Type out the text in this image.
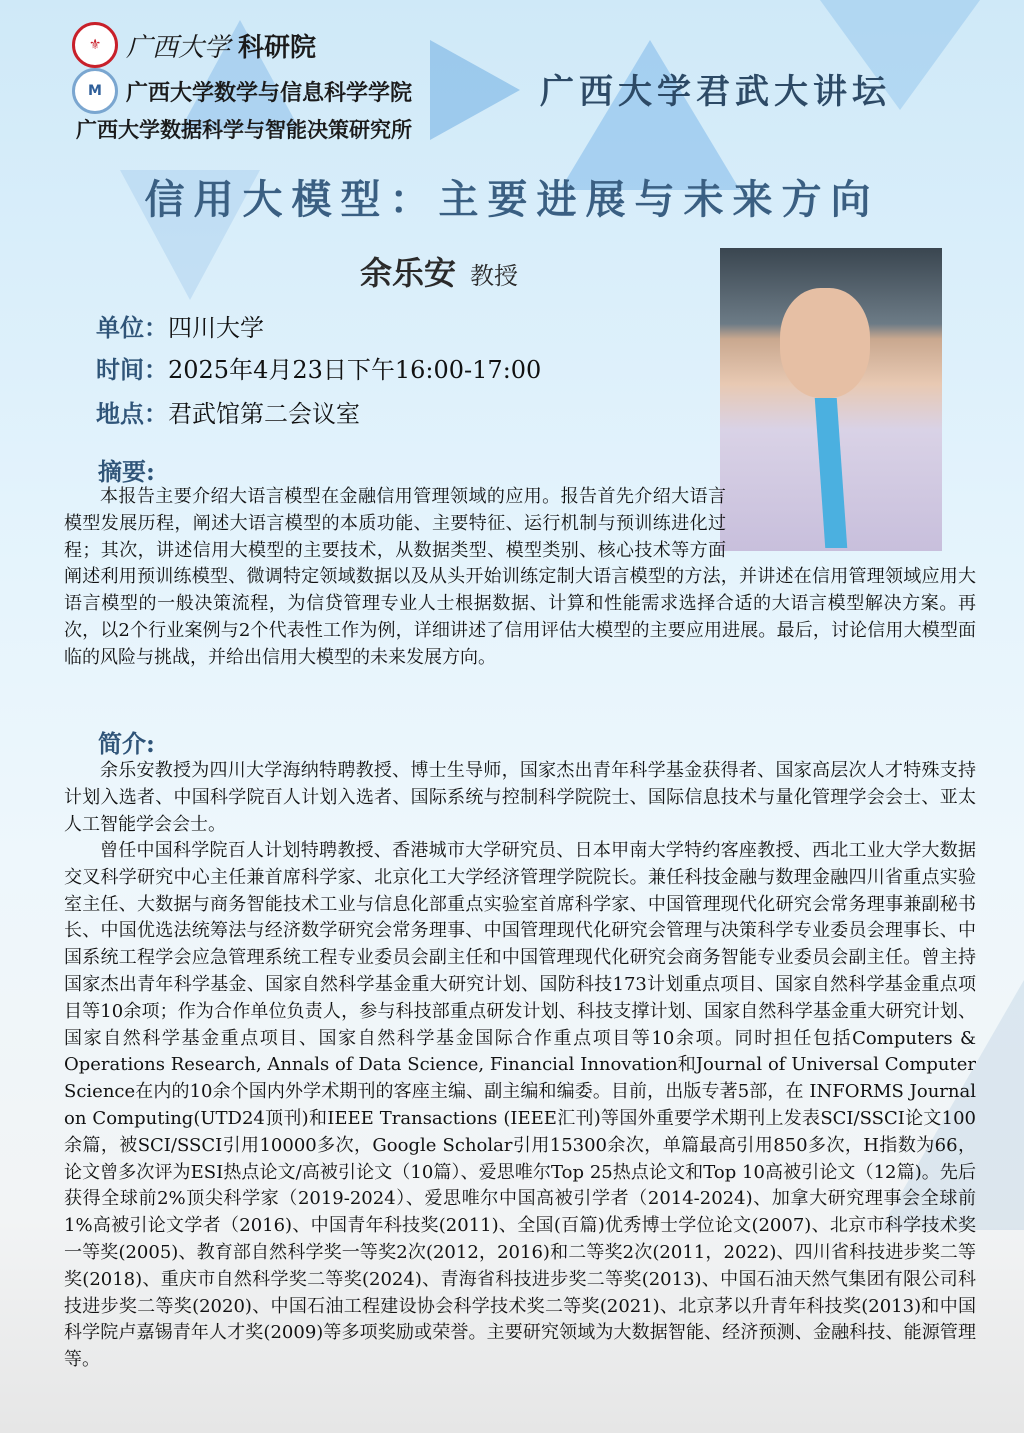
⚜ 广西大学 科研院
M	广西大学数学与信息科学学院
广西大学数据科学与智能决策研究所
广西大学君武大讲坛
信用大模型：主要进展与未来方向
余乐安 教授
单位：四川大学
时间：2025年4月23日下午16:00-17:00
地点：君武馆第二会议室
摘要:
本报告主要介绍大语言模型在金融信用管理领域的应用。报告首先介绍大语言模型发展历程，阐述大语言模型的本质功能、主要特征、运行机制与预训练进化过程；其次，讲述信用大模型的主要技术，从数据类型、模型类别、核心技术等方面阐述利用预训练模型、微调特定领域数据以及从头开始训练定制大语言模型的方法，并讲述在信用管理领域应用大语言模型的一般决策流程，为信贷管理专业人士根据数据、计算和性能需求选择合适的大语言模型解决方案。再次，以2个行业案例与2个代表性工作为例，详细讲述了信用评估大模型的主要应用进展。最后，讨论信用大模型面临的风险与挑战，并给出信用大模型的未来发展方向。
简介:

余乐安教授为四川大学海纳特聘教授、博士生导师，国家杰出青年科学基金获得者、国家高层次人才特殊支持计划入选者、中国科学院百人计划入选者、国际系统与控制科学院院士、国际信息技术与量化管理学会会士、亚太人工智能学会会士。

曾任中国科学院百人计划特聘教授、香港城市大学研究员、日本甲南大学特约客座教授、西北工业大学大数据交叉科学研究中心主任兼首席科学家、北京化工大学经济管理学院院长。兼任科技金融与数理金融四川省重点实验室主任、大数据与商务智能技术工业与信息化部重点实验室首席科学家、中国管理现代化研究会常务理事兼副秘书长、中国优选法统筹法与经济数学研究会常务理事、中国管理现代化研究会管理与决策科学专业委员会理事长、中国系统工程学会应急管理系统工程专业委员会副主任和中国管理现代化研究会商务智能专业委员会副主任。曾主持国家杰出青年科学基金、国家自然科学基金重大研究计划、国防科技173计划重点项目、国家自然科学基金重点项目等10余项；作为合作单位负责人，参与科技部重点研发计划、科技支撑计划、国家自然科学基金重大研究计划、国家自然科学基金重点项目、国家自然科学基金国际合作重点项目等10余项。同时担任包括Computers & Operations Research, Annals of Data Science, Financial Innovation和Journal of Universal Computer Science在内的10余个国内外学术期刊的客座主编、副主编和编委。目前，出版专著5部，在 INFORMS Journal on Computing(UTD24顶刊)和IEEE Transactions (IEEE汇刊)等国外重要学术期刊上发表SCI/SSCI论文100余篇，被SCI/SSCI引用10000多次，Google Scholar引用15300余次，单篇最高引用850多次，H指数为66，论文曾多次评为ESI热点论文/高被引论文（10篇）、爱思唯尔Top 25热点论文和Top 10高被引论文（12篇)。先后获得全球前2%顶尖科学家（2019-2024）、爱思唯尔中国高被引学者（2014-2024)、加拿大研究理事会全球前1%高被引论文学者（2016)、中国青年科技奖(2011)、全国(百篇)优秀博士学位论文(2007)、北京市科学技术奖一等奖(2005)、教育部自然科学奖一等奖2次(2012，2016)和二等奖2次(2011，2022)、四川省科技进步奖二等奖(2018)、重庆市自然科学奖二等奖(2024)、青海省科技进步奖二等奖(2013)、中国石油天然气集团有限公司科技进步奖二等奖(2020)、中国石油工程建设协会科学技术奖二等奖(2021)、北京茅以升青年科技奖(2013)和中国科学院卢嘉锡青年人才奖(2009)等多项奖励或荣誉。主要研究领域为大数据智能、经济预测、金融科技、能源管理等。
